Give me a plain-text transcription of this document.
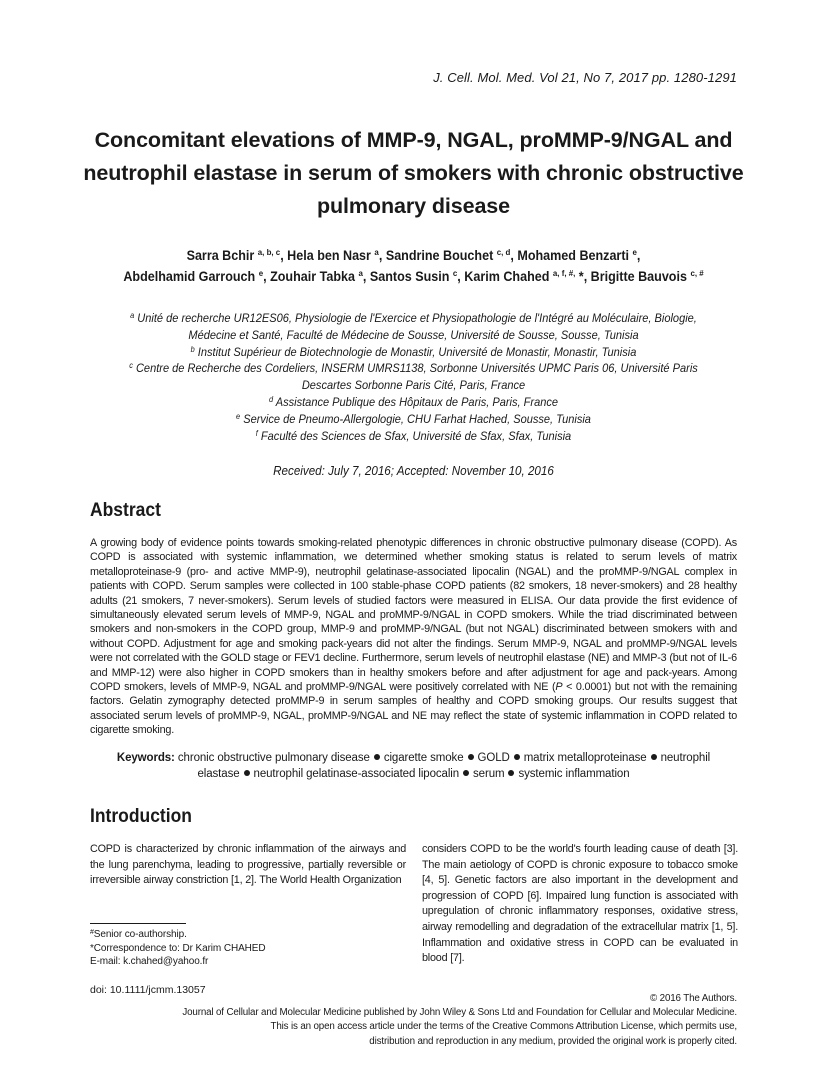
J. Cell. Mol. Med. Vol 21, No 7, 2017 pp. 1280-1291
Concomitant elevations of MMP-9, NGAL, proMMP-9/NGAL and neutrophil elastase in serum of smokers with chronic obstructive pulmonary disease
Sarra Bchir $^{a, b, c}$, Hela ben Nasr $^a$, Sandrine Bouchet $^{c, d}$, Mohamed Benzarti $^e$,
Abdelhamid Garrouch $^e$, Zouhair Tabka $^a$, Santos Susin $^c$, Karim Chahed $^{a, f, \#,}$ *, Brigitte Bauvois $^{c, \#}$
$^a$ Unité de recherche UR12ES06, Physiologie de l'Exercice et Physiopathologie de l'Intégré au Moléculaire, Biologie, Médecine et Santé, Faculté de Médecine de Sousse, Université de Sousse, Sousse, Tunisia
$^b$ Institut Supérieur de Biotechnologie de Monastir, Université de Monastir, Monastir, Tunisia
$^c$ Centre de Recherche des Cordeliers, INSERM UMRS1138, Sorbonne Universités UPMC Paris 06, Université Paris Descartes Sorbonne Paris Cité, Paris, France
$^d$ Assistance Publique des Hôpitaux de Paris, Paris, France
$^e$ Service de Pneumo-Allergologie, CHU Farhat Hached, Sousse, Tunisia
$^f$ Faculté des Sciences de Sfax, Université de Sfax, Sfax, Tunisia
Received: July 7, 2016; Accepted: November 10, 2016
Abstract

A growing body of evidence points towards smoking-related phenotypic differences in chronic obstructive pulmonary disease (COPD). As COPD is associated with systemic inflammation, we determined whether smoking status is related to serum levels of matrix metalloproteinase-9 (pro- and active MMP-9), neutrophil gelatinase-associated lipocalin (NGAL) and the proMMP-9/NGAL complex in patients with COPD. Serum samples were collected in 100 stable-phase COPD patients (82 smokers, 18 never-smokers) and 28 healthy adults (21 smokers, 7 never-smokers). Serum levels of studied factors were measured in ELISA. Our data provide the first evidence of simultaneously elevated serum levels of MMP-9, NGAL and proMMP-9/NGAL in COPD smokers. While the triad discriminated between smokers and non-smokers in the COPD group, MMP-9 and proMMP-9/NGAL (but not NGAL) discriminated between smokers with and without COPD. Adjustment for age and smoking pack-years did not alter the findings. Serum MMP-9, NGAL and proMMP-9/NGAL levels were not correlated with the GOLD stage or FEV1 decline. Furthermore, serum levels of neutrophil elastase (NE) and MMP-3 (but not of IL-6 and MMP-12) were also higher in COPD smokers than in healthy smokers before and after adjustment for age and pack-years. Among COPD smokers, levels of MMP-9, NGAL and proMMP-9/NGAL were positively correlated with NE (P < 0.0001) but not with the remaining factors. Gelatin zymography detected proMMP-9 in serum samples of healthy and COPD smoking groups. Our results suggest that associated serum levels of proMMP-9, NGAL, proMMP-9/NGAL and NE may reflect the state of systemic inflammation in COPD related to cigarette smoking.

Keywords: chronic obstructive pulmonary disease cigarette smoke GOLD matrix metalloproteinase neutrophil elastase neutrophil gelatinase-associated lipocalin serum systemic inflammation
Introduction

COPD is characterized by chronic inflammation of the airways and the lung parenchyma, leading to progressive, partially reversible or irreversible airway constriction [1, 2]. The World Health Organization

considers COPD to be the world's fourth leading cause of death [3]. The main aetiology of COPD is chronic exposure to tobacco smoke [4, 5]. Genetic factors are also important in the development and progression of COPD [6]. Impaired lung function is associated with upregulation of chronic inflammatory responses, oxidative stress, airway remodelling and degradation of the extracellular matrix [1, 5]. Inflammation and oxidative stress in COPD can be evaluated in blood [7].

#Senior co-authorship.
*Correspondence to: Dr Karim CHAHED
E-mail: k.chahed@yahoo.fr
doi: 10.1111/jcmm.13057
© 2016 The Authors.
Journal of Cellular and Molecular Medicine published by John Wiley & Sons Ltd and Foundation for Cellular and Molecular Medicine.
This is an open access article under the terms of the Creative Commons Attribution License, which permits use,
distribution and reproduction in any medium, provided the original work is properly cited.
